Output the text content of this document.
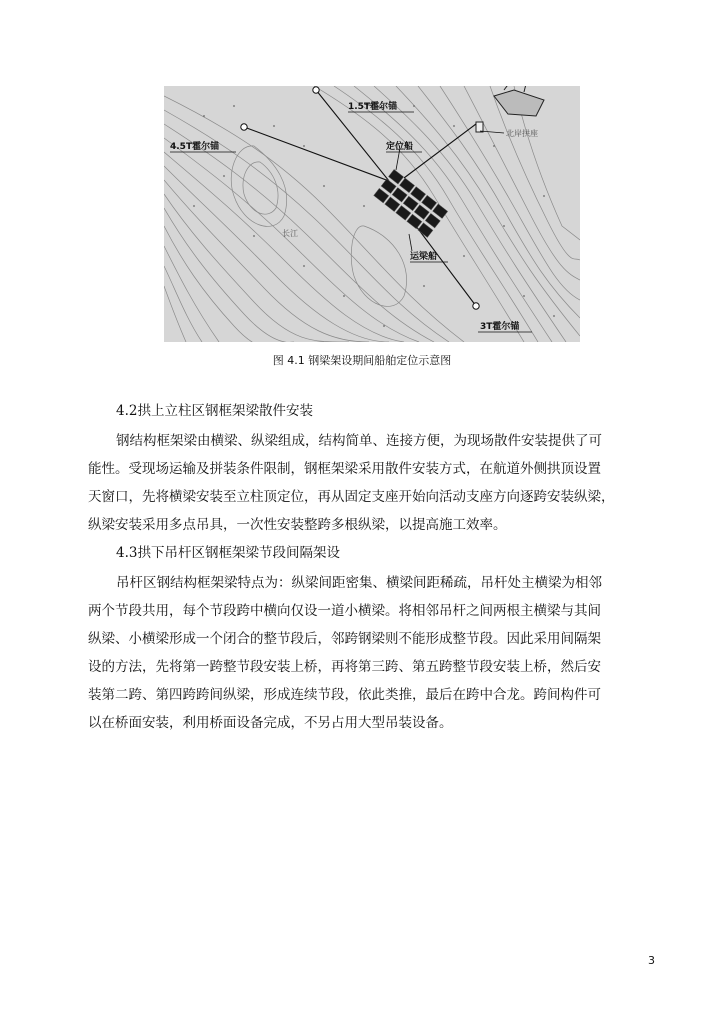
1.5T霍尔锚
4.5T霍尔锚	定位船
北岸拱座
长江
运梁船
3T霍尔锚
图 4.1 钢梁架设期间船舶定位示意图
4.2拱上立柱区钢框架梁散件安装
钢结构框架梁由横梁、纵梁组成，结构简单、连接方便，为现场散件安装提供了可
能性。受现场运输及拼装条件限制，钢框架梁采用散件安装方式，在航道外侧拱顶设置
天窗口，先将横梁安装至立柱顶定位，再从固定支座开始向活动支座方向逐跨安装纵梁，
纵梁安装采用多点吊具，一次性安装整跨多根纵梁，以提高施工效率。
4.3拱下吊杆区钢框架梁节段间隔架设
吊杆区钢结构框架梁特点为：纵梁间距密集、横梁间距稀疏，吊杆处主横梁为相邻
两个节段共用，每个节段跨中横向仅设一道小横梁。将相邻吊杆之间两根主横梁与其间
纵梁、小横梁形成一个闭合的整节段后，邻跨钢梁则不能形成整节段。因此采用间隔架
设的方法，先将第一跨整节段安装上桥，再将第三跨、第五跨整节段安装上桥，然后安
装第二跨、第四跨跨间纵梁，形成连续节段，依此类推，最后在跨中合龙。跨间构件可
以在桥面安装，利用桥面设备完成，不另占用大型吊装设备。
3
